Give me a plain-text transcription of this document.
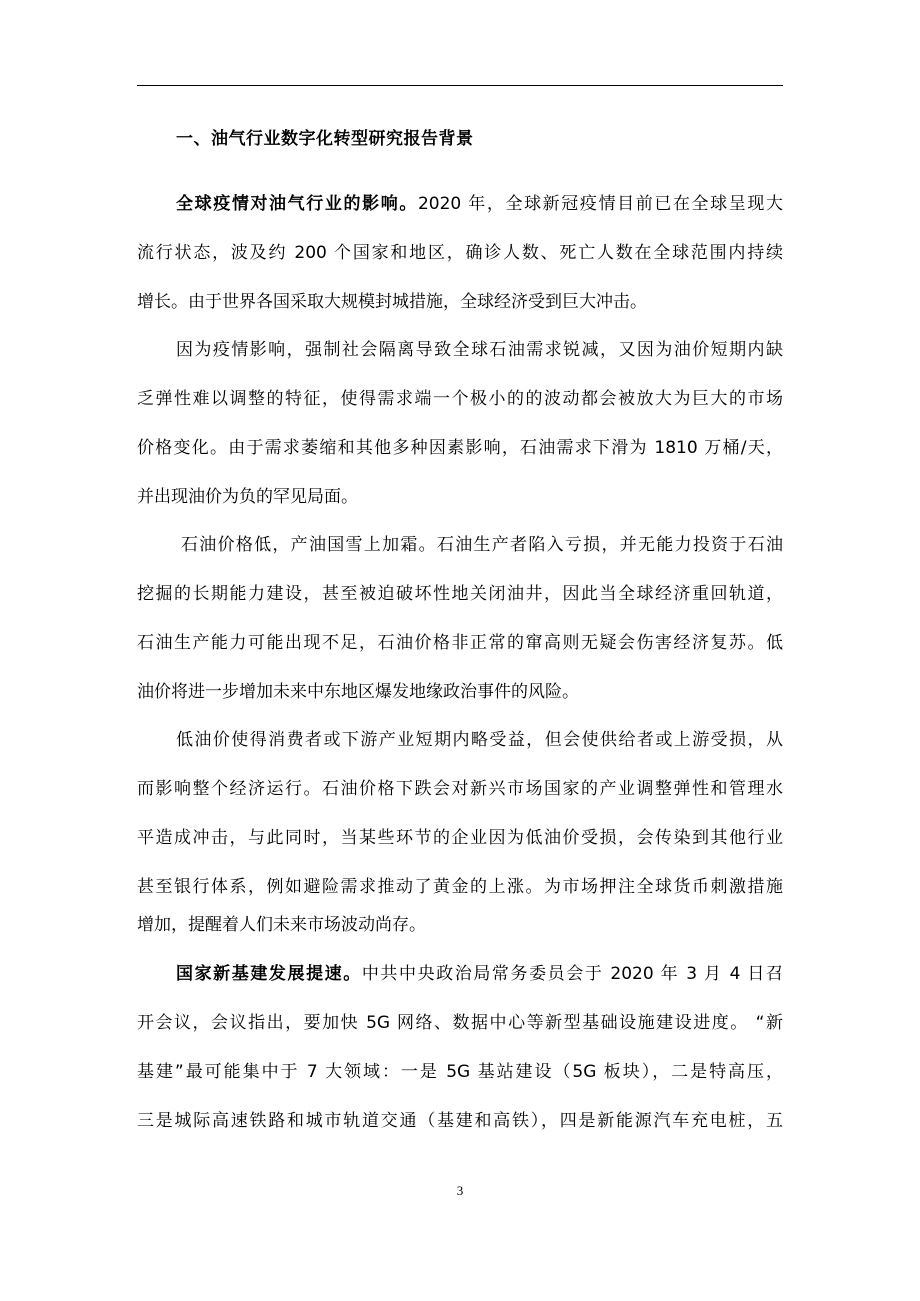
一、油气行业数字化转型研究报告背景
全球疫情对油气行业的影响。2020 年，全球新冠疫情目前已在全球呈现大
流行状态，波及约 200 个国家和地区，确诊人数、死亡人数在全球范围内持续
增长。由于世界各国采取大规模封城措施，全球经济受到巨大冲击。
因为疫情影响，强制社会隔离导致全球石油需求锐减，又因为油价短期内缺
乏弹性难以调整的特征，使得需求端一个极小的的波动都会被放大为巨大的市场
价格变化。由于需求萎缩和其他多种因素影响，石油需求下滑为 1810 万桶/天，
并出现油价为负的罕见局面。
石油价格低，产油国雪上加霜。石油生产者陷入亏损，并无能力投资于石油
挖掘的长期能力建设，甚至被迫破坏性地关闭油井，因此当全球经济重回轨道，
石油生产能力可能出现不足，石油价格非正常的窜高则无疑会伤害经济复苏。低
油价将进一步增加未来中东地区爆发地缘政治事件的风险。
低油价使得消费者或下游产业短期内略受益，但会使供给者或上游受损，从
而影响整个经济运行。石油价格下跌会对新兴市场国家的产业调整弹性和管理水
平造成冲击，与此同时，当某些环节的企业因为低油价受损，会传染到其他行业
甚至银行体系，例如避险需求推动了黄金的上涨。为市场押注全球货币刺激措施
增加，提醒着人们未来市场波动尚存。
国家新基建发展提速。中共中央政治局常务委员会于 2020 年 3 月 4 日召
开会议，会议指出，要加快 5G 网络、数据中心等新型基础设施建设进度。 “新
基建”最可能集中于 7 大领域：一是 5G 基站建设（5G 板块），二是特高压，
三是城际高速铁路和城市轨道交通（基建和高铁），四是新能源汽车充电桩，五
3
